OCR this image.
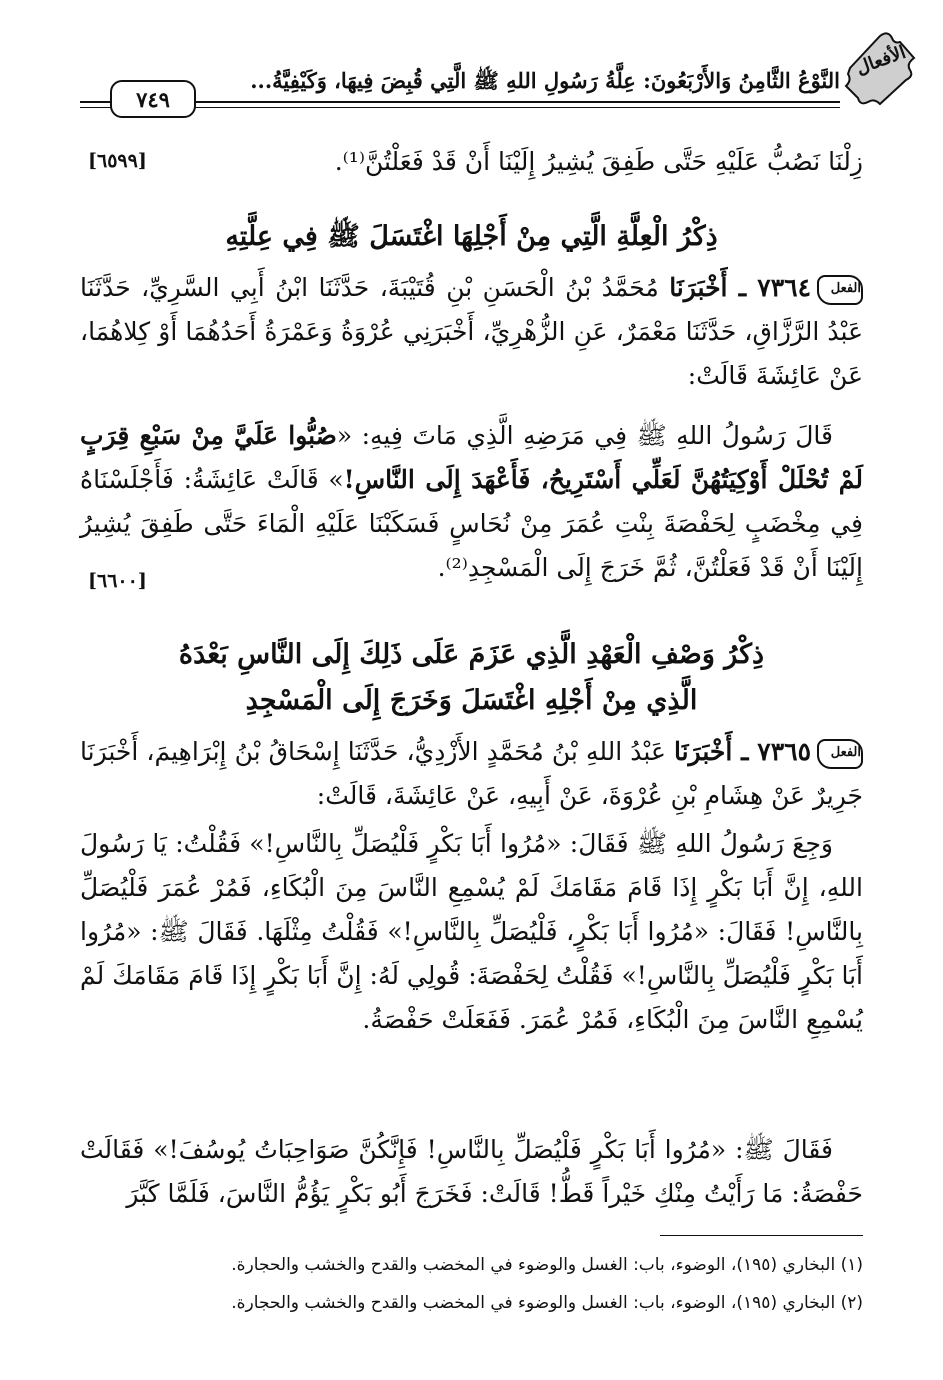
٧٤٩
النَّوْعُ الثَّامِنُ وَالأَرْبَعُونَ: عِلَّةُ رَسُولِ اللهِ ﷺ الَّتِي قُبِضَ فِيهَا، وَكَيْفِيَّةُ...
الأفعال
زِلْنَا نَصُبُّ عَلَيْهِ حَتَّى طَفِقَ يُشِيرُ إِلَيْنَا أَنْ قَدْ فَعَلْتُنَّ⁽¹⁾.
[٦٥٩٩]
ذِكْرُ الْعِلَّةِ الَّتِي مِنْ أَجْلِهَا اغْتَسَلَ ﷺ فِي عِلَّتِهِ
الفعل٧٣٦٤ ـ أَخْبَرَنَا مُحَمَّدُ بْنُ الْحَسَنِ بْنِ قُتَيْبَةَ، حَدَّثَنَا ابْنُ أَبِي السَّرِيِّ، حَدَّثَنَا عَبْدُ الرَّزَّاقِ، حَدَّثَنَا مَعْمَرٌ، عَنِ الزُّهْرِيِّ، أَخْبَرَنِي عُرْوَةُ وَعَمْرَةُ أَحَدُهُمَا أَوْ كِلاهُمَا، عَنْ عَائِشَةَ قَالَتْ:
قَالَ رَسُولُ اللهِ ﷺ فِي مَرَضِهِ الَّذِي مَاتَ فِيهِ: «صُبُّوا عَلَيَّ مِنْ سَبْعِ قِرَبٍ لَمْ تُحْلَلْ أَوْكِيَتُهُنَّ لَعَلِّي أَسْتَرِيحُ، فَأَعْهَدَ إِلَى النَّاسِ!» قَالَتْ عَائِشَةُ: فَأَجْلَسْنَاهُ فِي مِخْضَبٍ لِحَفْصَةَ بِنْتِ عُمَرَ مِنْ نُحَاسٍ فَسَكَبْنَا عَلَيْهِ الْمَاءَ حَتَّى طَفِقَ يُشِيرُ إِلَيْنَا أَنْ قَدْ فَعَلْتُنَّ، ثُمَّ خَرَجَ إِلَى الْمَسْجِدِ⁽²⁾.
[٦٦٠٠]
ذِكْرُ وَصْفِ الْعَهْدِ الَّذِي عَزَمَ عَلَى ذَلِكَ إِلَى النَّاسِ بَعْدَهُ
الَّذِي مِنْ أَجْلِهِ اغْتَسَلَ وَخَرَجَ إِلَى الْمَسْجِدِ
الفعل٧٣٦٥ ـ أَخْبَرَنَا عَبْدُ اللهِ بْنُ مُحَمَّدٍ الأَزْدِيُّ، حَدَّثَنَا إِسْحَاقُ بْنُ إِبْرَاهِيمَ، أَخْبَرَنَا جَرِيرٌ عَنْ هِشَامِ بْنِ عُرْوَةَ، عَنْ أَبِيهِ، عَنْ عَائِشَةَ، قَالَتْ:
وَجِعَ رَسُولُ اللهِ ﷺ فَقَالَ: «مُرُوا أَبَا بَكْرٍ فَلْيُصَلِّ بِالنَّاسِ!» فَقُلْتُ: يَا رَسُولَ اللهِ، إِنَّ أَبَا بَكْرٍ إِذَا قَامَ مَقَامَكَ لَمْ يُسْمِعِ النَّاسَ مِنَ الْبُكَاءِ، فَمُرْ عُمَرَ فَلْيُصَلِّ بِالنَّاسِ! فَقَالَ: «مُرُوا أَبَا بَكْرٍ، فَلْيُصَلِّ بِالنَّاسِ!» فَقُلْتُ مِثْلَهَا. فَقَالَ ﷺ: «مُرُوا أَبَا بَكْرٍ فَلْيُصَلِّ بِالنَّاسِ!» فَقُلْتُ لِحَفْصَةَ: قُولِي لَهُ: إِنَّ أَبَا بَكْرٍ إِذَا قَامَ مَقَامَكَ لَمْ يُسْمِعِ النَّاسَ مِنَ الْبُكَاءِ، فَمُرْ عُمَرَ. فَفَعَلَتْ حَفْصَةُ.
فَقَالَ ﷺ: «مُرُوا أَبَا بَكْرٍ فَلْيُصَلِّ بِالنَّاسِ! فَإِنَّكُنَّ صَوَاحِبَاتُ يُوسُفَ!» فَقَالَتْ حَفْصَةُ: مَا رَأَيْتُ مِنْكِ خَيْراً قَطُّ! قَالَتْ: فَخَرَجَ أَبُو بَكْرٍ يَؤُمُّ النَّاسَ، فَلَمَّا كَبَّرَ
(١) البخاري (١٩٥)، الوضوء، باب: الغسل والوضوء في المخضب والقدح والخشب والحجارة.
(٢) البخاري (١٩٥)، الوضوء، باب: الغسل والوضوء في المخضب والقدح والخشب والحجارة.
